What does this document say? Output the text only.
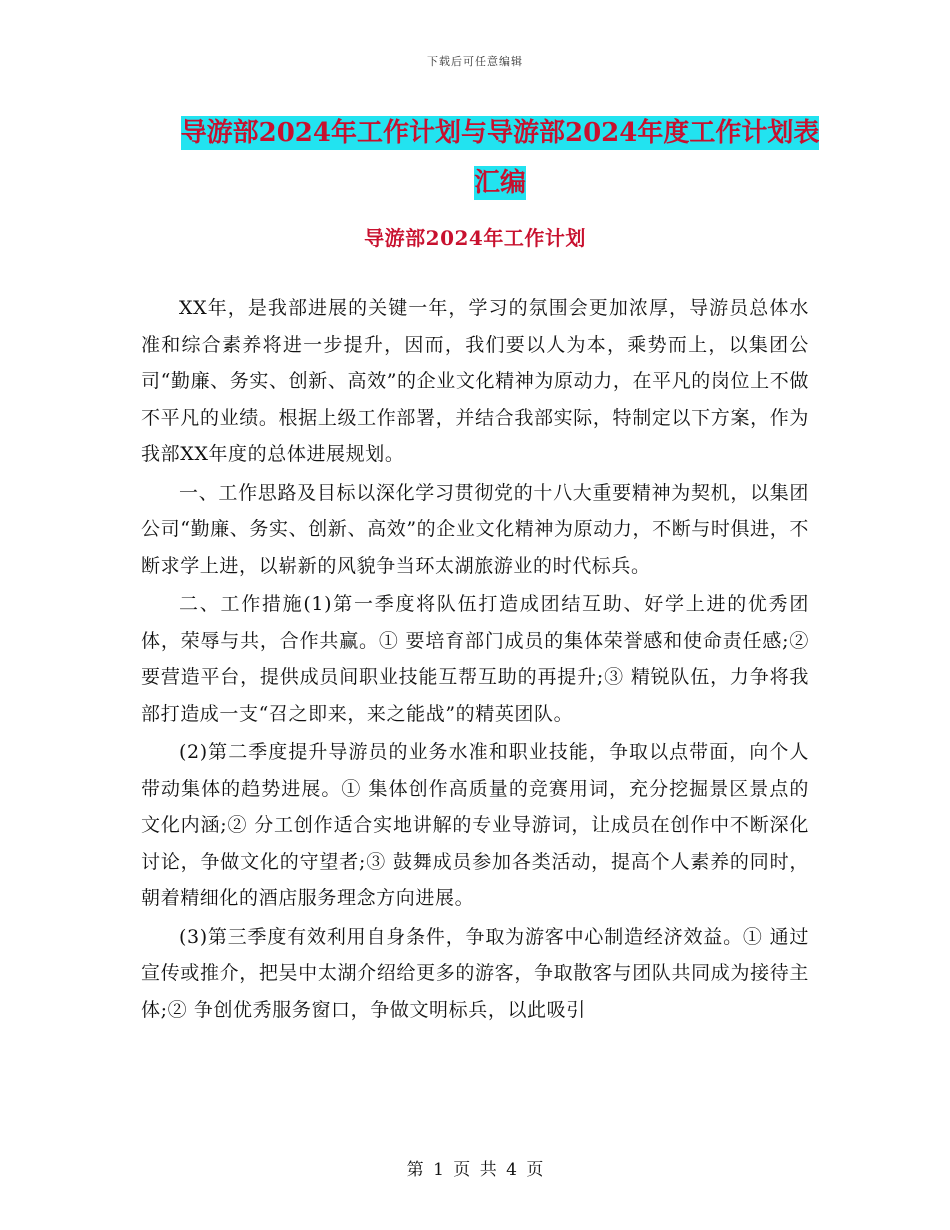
下载后可任意编辑
导游部2024年工作计划与导游部2024年度工作计划表汇编
导游部2024年工作计划

XX年，是我部进展的关键一年，学习的氛围会更加浓厚，导游员总体水准和综合素养将进一步提升，因而，我们要以人为本，乘势而上，以集团公司“勤廉、务实、创新、高效”的企业文化精神为原动力，在平凡的岗位上不做不平凡的业绩。根据上级工作部署，并结合我部实际，特制定以下方案，作为我部XX年度的总体进展规划。

一、工作思路及目标以深化学习贯彻党的十八大重要精神为契机，以集团公司“勤廉、务实、创新、高效”的企业文化精神为原动力，不断与时俱进，不断求学上进，以崭新的风貌争当环太湖旅游业的时代标兵。

二、工作措施(1)第一季度将队伍打造成团结互助、好学上进的优秀团体，荣辱与共，合作共赢。① 要培育部门成员的集体荣誉感和使命责任感;② 要营造平台，提供成员间职业技能互帮互助的再提升;③ 精锐队伍，力争将我部打造成一支“召之即来，来之能战”的精英团队。

(2)第二季度提升导游员的业务水准和职业技能，争取以点带面，向个人带动集体的趋势进展。① 集体创作高质量的竞赛用词，充分挖掘景区景点的文化内涵;② 分工创作适合实地讲解的专业导游词，让成员在创作中不断深化讨论，争做文化的守望者;③ 鼓舞成员参加各类活动，提高个人素养的同时，朝着精细化的酒店服务理念方向进展。

(3)第三季度有效利用自身条件，争取为游客中心制造经济效益。① 通过宣传或推介，把吴中太湖介绍给更多的游客，争取散客与团队共同成为接待主体;② 争创优秀服务窗口，争做文明标兵，以此吸引

第 1 页 共 4 页
